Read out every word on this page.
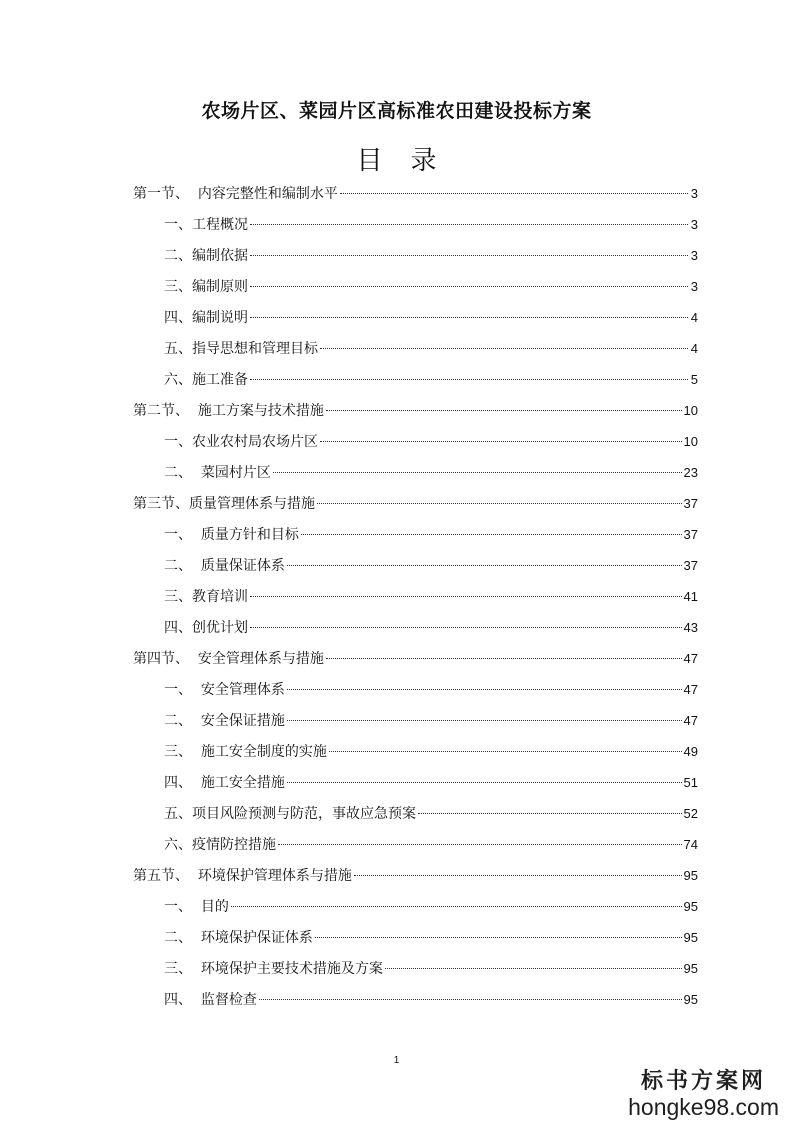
农场片区、菜园片区高标准农田建设投标方案
目录
第一节、  内容完整性和编制水平	3
一、工程概况	3
二、编制依据	3
三、编制原则	3
四、编制说明	4
五、指导思想和管理目标	4
六、施工准备	5
第二节、  施工方案与技术措施	10
一、农业农村局农场片区	10
二、  菜园村片区	23
第三节、质量管理体系与措施	37
一、  质量方针和目标	37
二、  质量保证体系	37
三、教育培训	41
四、创优计划	43
第四节、  安全管理体系与措施	47
一、  安全管理体系	47
二、  安全保证措施	47
三、  施工安全制度的实施	49
四、  施工安全措施	51
五、项目风险预测与防范，事故应急预案	52
六、疫情防控措施	74
第五节、  环境保护管理体系与措施	95
一、  目的	95
二、  环境保护保证体系	95
三、  环境保护主要技术措施及方案	95
四、  监督检查	95
1
标书方案网
hongke98.com
